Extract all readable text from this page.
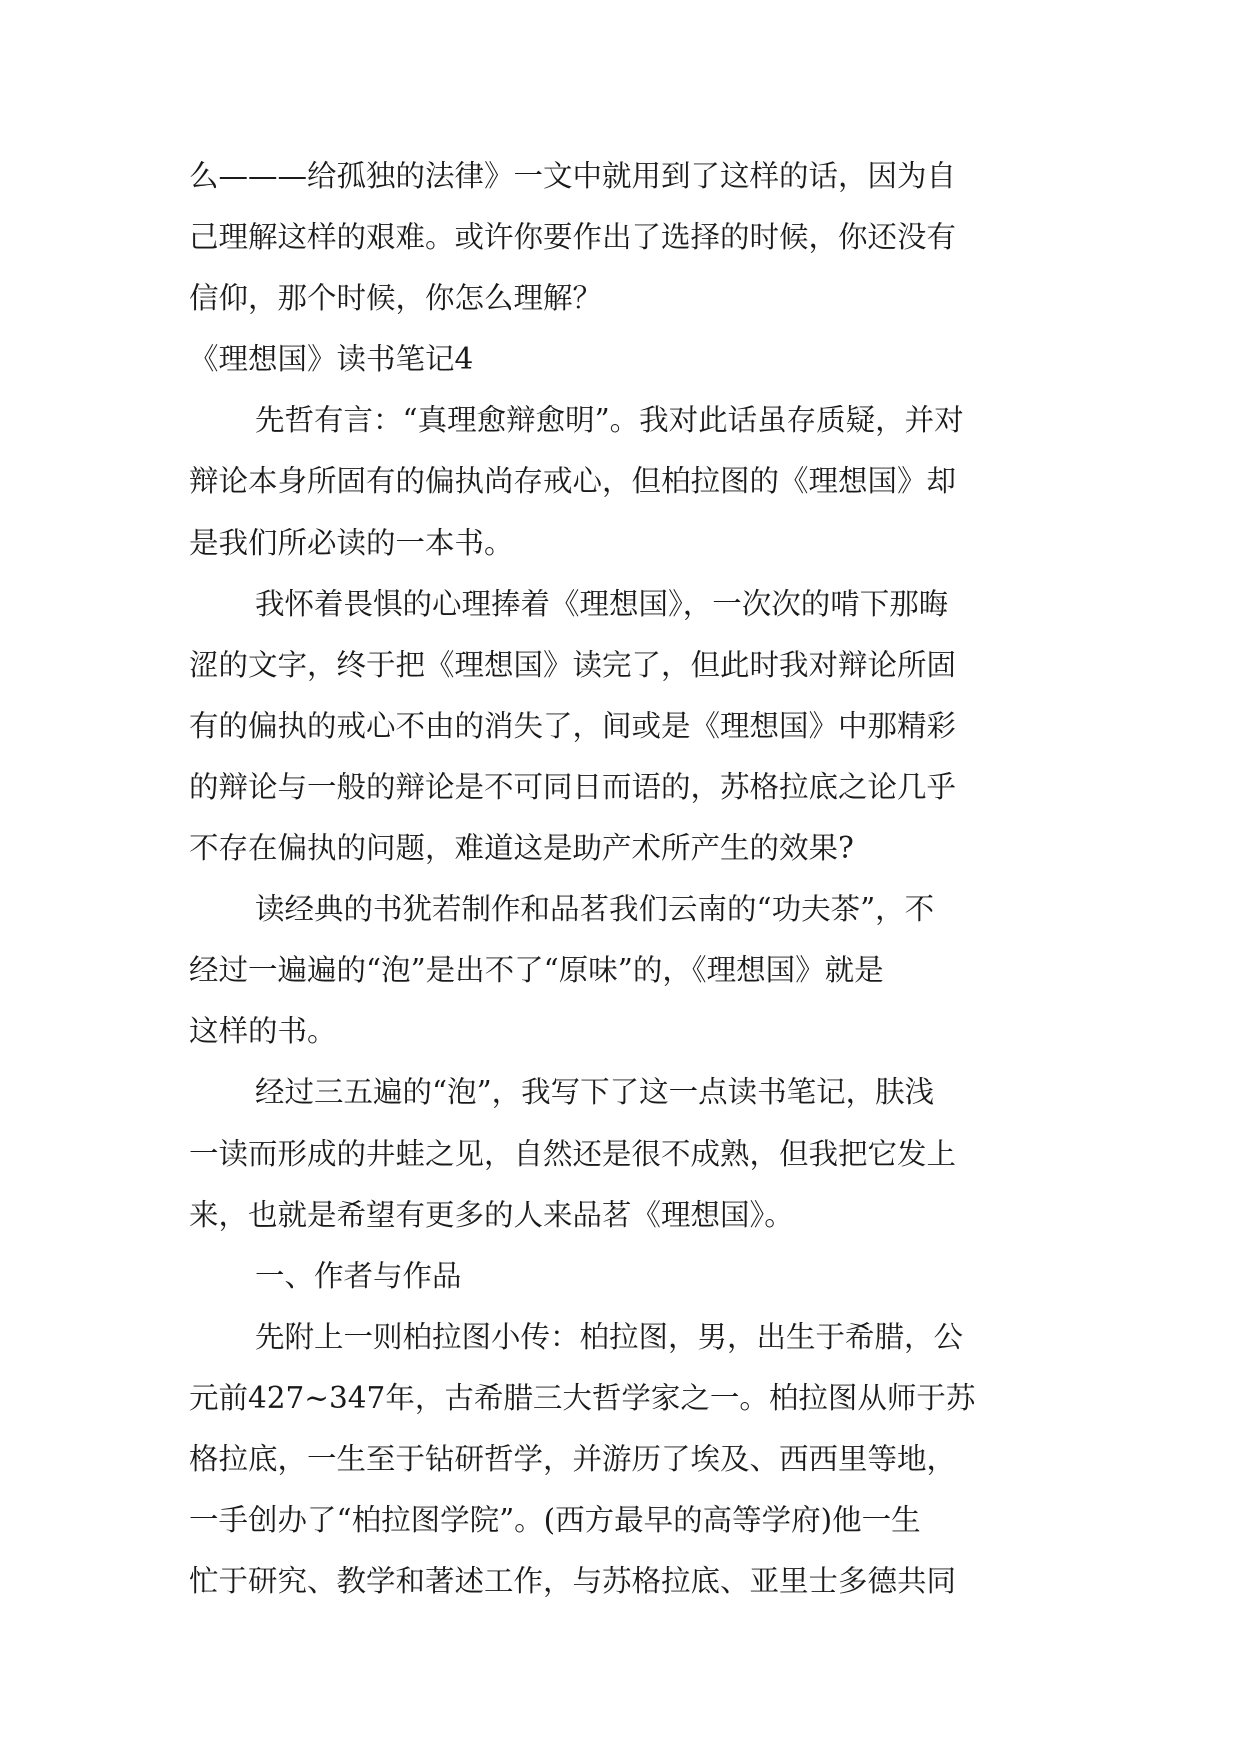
么———给孤独的法律》一文中就用到了这样的话，因为自
己理解这样的艰难。或许你要作出了选择的时候，你还没有
信仰，那个时候，你怎么理解？
《理想国》读书笔记4
先哲有言：“真理愈辩愈明”。我对此话虽存质疑，并对
辩论本身所固有的偏执尚存戒心，但柏拉图的《理想国》却
是我们所必读的一本书。
我怀着畏惧的心理捧着《理想国》，一次次的啃下那晦
涩的文字，终于把《理想国》读完了，但此时我对辩论所固
有的偏执的戒心不由的消失了，间或是《理想国》中那精彩
的辩论与一般的辩论是不可同日而语的，苏格拉底之论几乎
不存在偏执的问题，难道这是助产术所产生的效果?
读经典的书犹若制作和品茗我们云南的“功夫茶”，不
经过一遍遍的“泡”是出不了“原味”的，《理想国》就是
这样的书。
经过三五遍的“泡”，我写下了这一点读书笔记，肤浅
一读而形成的井蛙之见，自然还是很不成熟，但我把它发上
来，也就是希望有更多的人来品茗《理想国》。
一、作者与作品
先附上一则柏拉图小传：柏拉图，男，出生于希腊，公
元前427~347年，古希腊三大哲学家之一。柏拉图从师于苏
格拉底，一生至于钻研哲学，并游历了埃及、西西里等地，
一手创办了“柏拉图学院”。(西方最早的高等学府)他一生
忙于研究、教学和著述工作，与苏格拉底、亚里士多德共同
